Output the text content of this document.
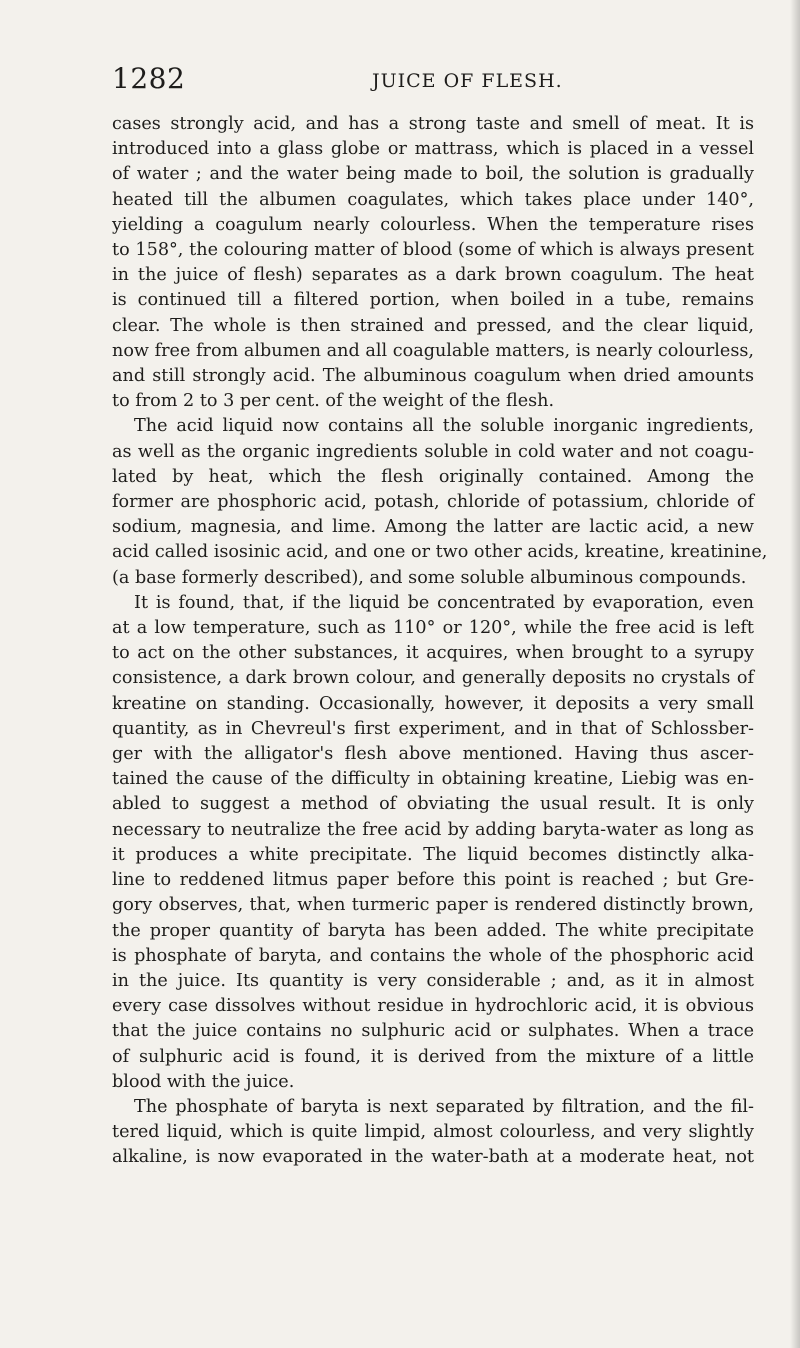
1282	JUICE OF FLESH.
cases strongly acid, and has a strong taste and smell of meat. It is
introduced into a glass globe or mattrass, which is placed in a vessel
of water ; and the water being made to boil, the solution is gradually
heated till the albumen coagulates, which takes place under 140°,
yielding a coagulum nearly colourless. When the temperature rises
to 158°, the colouring matter of blood (some of which is always present
in the juice of flesh) separates as a dark brown coagulum. The heat
is continued till a filtered portion, when boiled in a tube, remains
clear. The whole is then strained and pressed, and the clear liquid,
now free from albumen and all coagulable matters, is nearly colourless,
and still strongly acid. The albuminous coagulum when dried amounts
to from 2 to 3 per cent. of the weight of the flesh.
The acid liquid now contains all the soluble inorganic ingredients,
as well as the organic ingredients soluble in cold water and not coagu-
lated by heat, which the flesh originally contained. Among the
former are phosphoric acid, potash, chloride of potassium, chloride of
sodium, magnesia, and lime. Among the latter are lactic acid, a new
acid called isosinic acid, and one or two other acids, kreatine, kreatinine,
(a base formerly described), and some soluble albuminous compounds.
It is found, that, if the liquid be concentrated by evaporation, even
at a low temperature, such as 110° or 120°, while the free acid is left
to act on the other substances, it acquires, when brought to a syrupy
consistence, a dark brown colour, and generally deposits no crystals of
kreatine on standing. Occasionally, however, it deposits a very small
quantity, as in Chevreul's first experiment, and in that of Schlossber-
ger with the alligator's flesh above mentioned. Having thus ascer-
tained the cause of the difficulty in obtaining kreatine, Liebig was en-
abled to suggest a method of obviating the usual result. It is only
necessary to neutralize the free acid by adding baryta-water as long as
it produces a white precipitate. The liquid becomes distinctly alka-
line to reddened litmus paper before this point is reached ; but Gre-
gory observes, that, when turmeric paper is rendered distinctly brown,
the proper quantity of baryta has been added. The white precipitate
is phosphate of baryta, and contains the whole of the phosphoric acid
in the juice. Its quantity is very considerable ; and, as it in almost
every case dissolves without residue in hydrochloric acid, it is obvious
that the juice contains no sulphuric acid or sulphates. When a trace
of sulphuric acid is found, it is derived from the mixture of a little
blood with the juice.
The phosphate of baryta is next separated by filtration, and the fil-
tered liquid, which is quite limpid, almost colourless, and very slightly
alkaline, is now evaporated in the water-bath at a moderate heat, not
